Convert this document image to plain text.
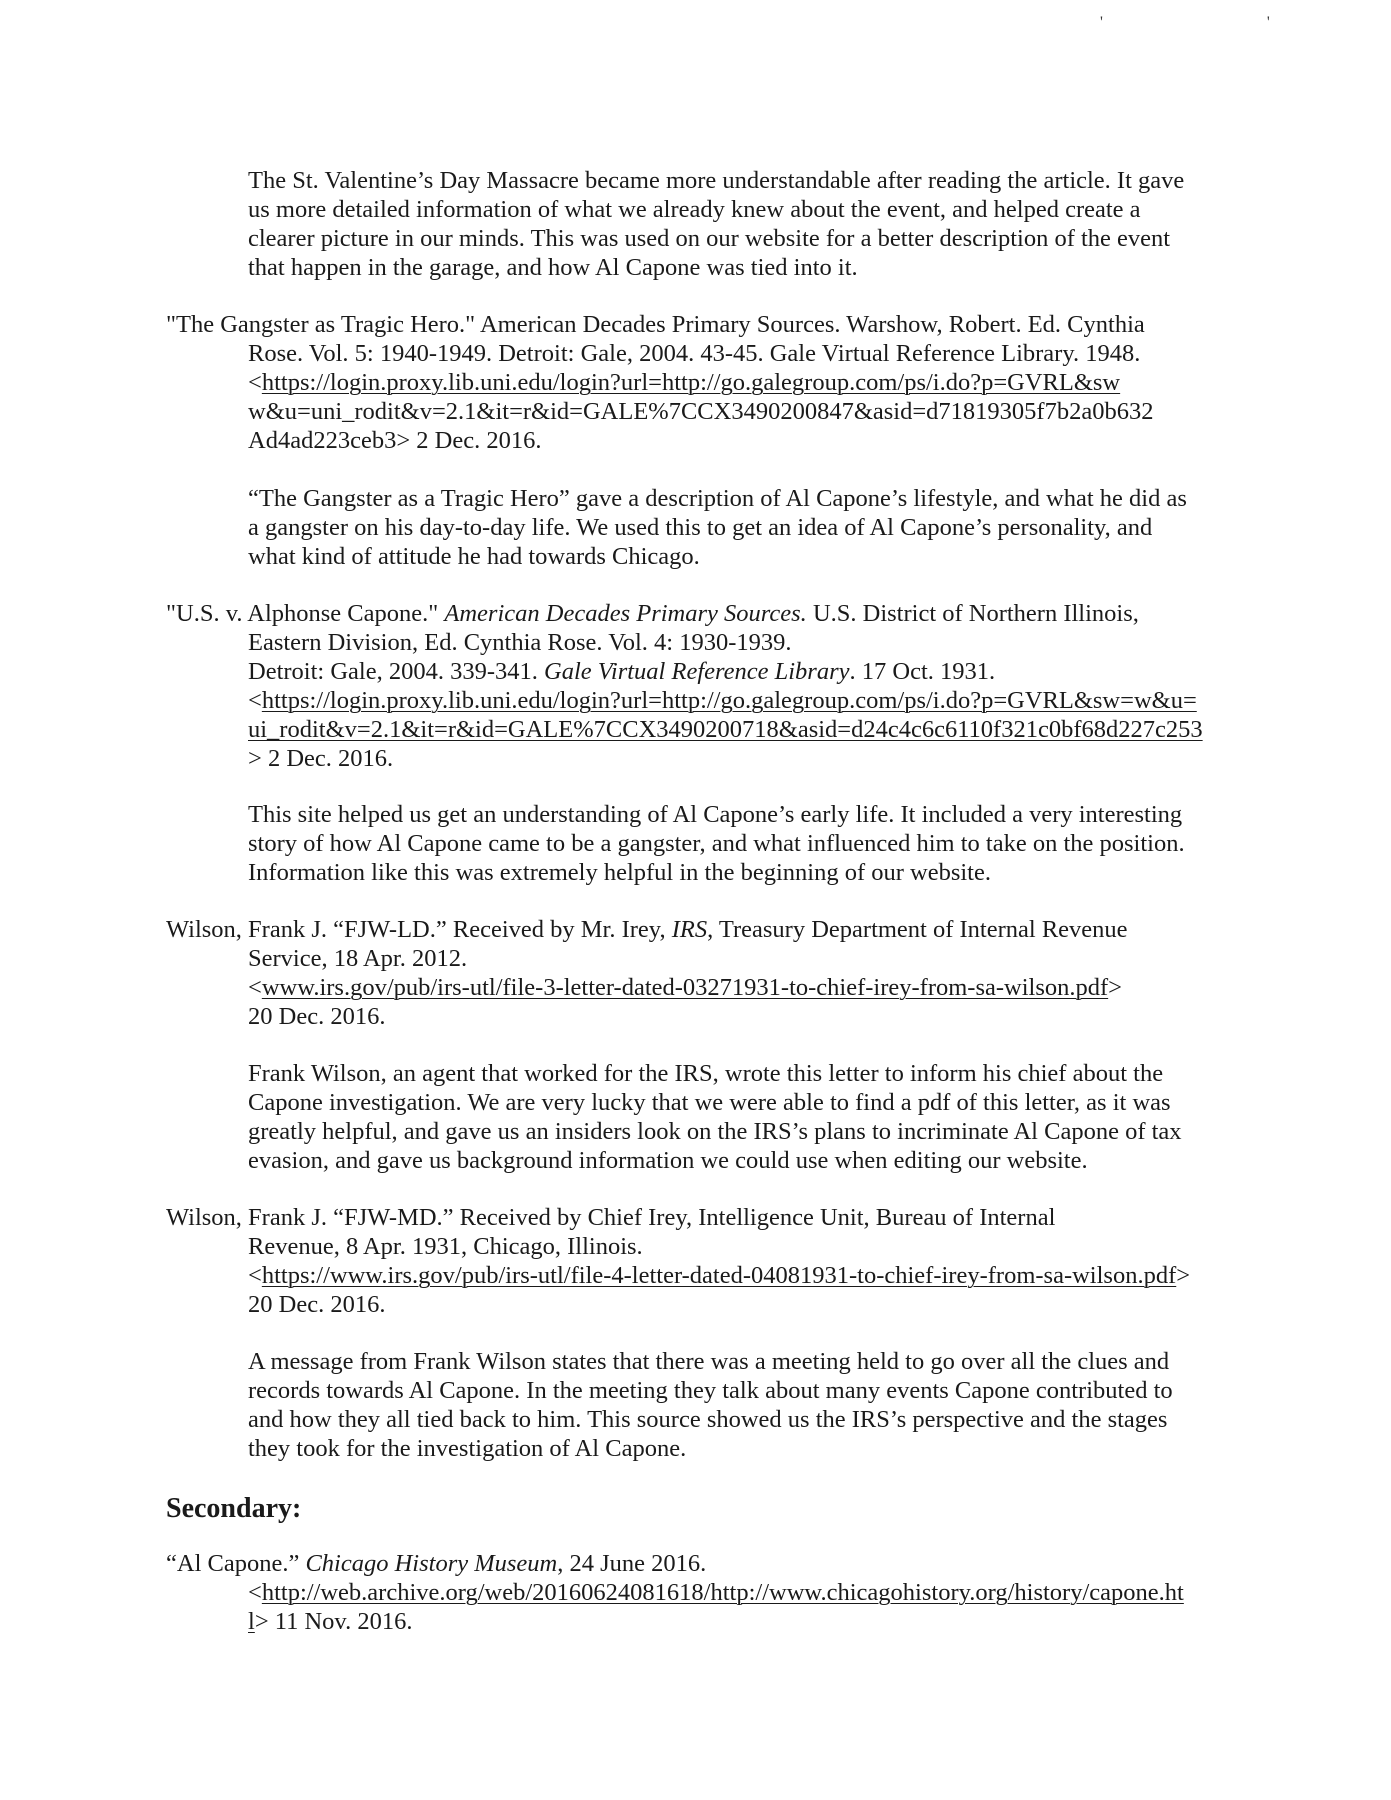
' '
The St. Valentine’s Day Massacre became more understandable after reading the article. It gave
us more detailed information of what we already knew about the event, and helped create a
clearer picture in our minds. This was used on our website for a better description of the event
that happen in the garage, and how Al Capone was tied into it.
"The Gangster as Tragic Hero." American Decades Primary Sources. Warshow, Robert. Ed. Cynthia
Rose. Vol. 5: 1940-1949. Detroit: Gale, 2004. 43-45. Gale Virtual Reference Library. 1948.
<https://login.proxy.lib.uni.edu/login?url=http://go.galegroup.com/ps/i.do?p=GVRL&sw
w&u=uni_rodit&v=2.1&it=r&id=GALE%7CCX3490200847&asid=d71819305f7b2a0b632
Ad4ad223ceb3> 2 Dec. 2016.
“The Gangster as a Tragic Hero” gave a description of Al Capone’s lifestyle, and what he did as
a gangster on his day-to-day life. We used this to get an idea of Al Capone’s personality, and
what kind of attitude he had towards Chicago.
"U.S. v. Alphonse Capone." American Decades Primary Sources. U.S. District of Northern Illinois,
Eastern Division, Ed. Cynthia Rose. Vol. 4: 1930-1939.
Detroit: Gale, 2004. 339-341. Gale Virtual Reference Library. 17 Oct. 1931.
<https://login.proxy.lib.uni.edu/login?url=http://go.galegroup.com/ps/i.do?p=GVRL&sw=w&u=
ui_rodit&v=2.1&it=r&id=GALE%7CCX3490200718&asid=d24c4c6c6110f321c0bf68d227c253
> 2 Dec. 2016.
This site helped us get an understanding of Al Capone’s early life. It included a very interesting
story of how Al Capone came to be a gangster, and what influenced him to take on the position.
Information like this was extremely helpful in the beginning of our website.
Wilson, Frank J. “FJW-LD.” Received by Mr. Irey, IRS, Treasury Department of Internal Revenue
Service, 18 Apr. 2012.
<www.irs.gov/pub/irs-utl/file-3-letter-dated-03271931-to-chief-irey-from-sa-wilson.pdf>
20 Dec. 2016.
Frank Wilson, an agent that worked for the IRS, wrote this letter to inform his chief about the
Capone investigation. We are very lucky that we were able to find a pdf of this letter, as it was
greatly helpful, and gave us an insiders look on the IRS’s plans to incriminate Al Capone of tax
evasion, and gave us background information we could use when editing our website.
Wilson, Frank J. “FJW-MD.” Received by Chief Irey, Intelligence Unit, Bureau of Internal
Revenue, 8 Apr. 1931, Chicago, Illinois.
<https://www.irs.gov/pub/irs-utl/file-4-letter-dated-04081931-to-chief-irey-from-sa-wilson.pdf>
20 Dec. 2016.
A message from Frank Wilson states that there was a meeting held to go over all the clues and
records towards Al Capone. In the meeting they talk about many events Capone contributed to
and how they all tied back to him. This source showed us the IRS’s perspective and the stages
they took for the investigation of Al Capone.
Secondary:
“Al Capone.” Chicago History Museum, 24 June 2016.
<http://web.archive.org/web/20160624081618/http://www.chicagohistory.org/history/capone.ht
l> 11 Nov. 2016.
